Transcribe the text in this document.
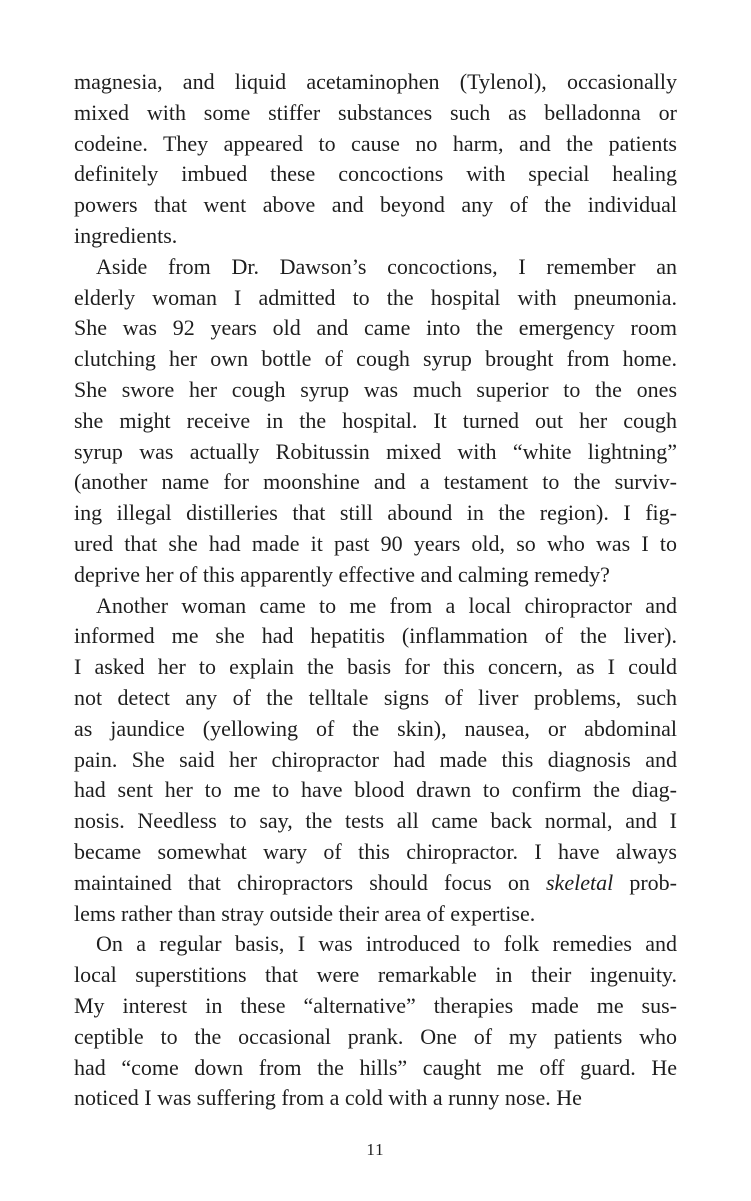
magnesia, and liquid acetaminophen (Tylenol), occasionally
mixed with some stiffer substances such as belladonna or
codeine. They appeared to cause no harm, and the patients
definitely imbued these concoctions with special healing
powers that went above and beyond any of the individual
ingredients.
Aside from Dr. Dawson’s concoctions, I remember an
elderly woman I admitted to the hospital with pneumonia.
She was 92 years old and came into the emergency room
clutching her own bottle of cough syrup brought from home.
She swore her cough syrup was much superior to the ones
she might receive in the hospital. It turned out her cough
syrup was actually Robitussin mixed with “white lightning”
(another name for moonshine and a testament to the surviv-
ing illegal distilleries that still abound in the region). I fig-
ured that she had made it past 90 years old, so who was I to
deprive her of this apparently effective and calming remedy?
Another woman came to me from a local chiropractor and
informed me she had hepatitis (inflammation of the liver).
I asked her to explain the basis for this concern, as I could
not detect any of the telltale signs of liver problems, such
as jaundice (yellowing of the skin), nausea, or abdominal
pain. She said her chiropractor had made this diagnosis and
had sent her to me to have blood drawn to confirm the diag-
nosis. Needless to say, the tests all came back normal, and I
became somewhat wary of this chiropractor. I have always
maintained that chiropractors should focus on skeletal prob-
lems rather than stray outside their area of expertise.
On a regular basis, I was introduced to folk remedies and
local superstitions that were remarkable in their ingenuity.
My interest in these “alternative” therapies made me sus-
ceptible to the occasional prank. One of my patients who
had “come down from the hills” caught me off guard. He
noticed I was suffering from a cold with a runny nose. He
11
